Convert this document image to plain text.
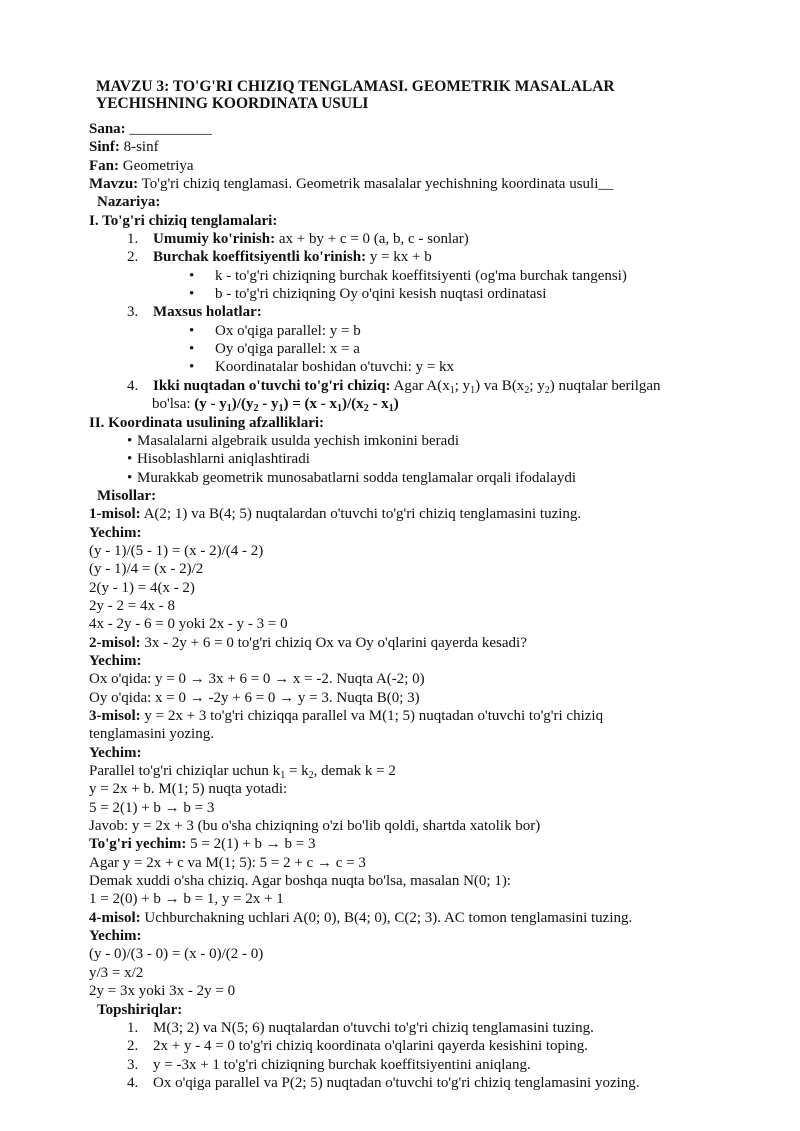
MAVZU 3: TO'G'RI CHIZIQ TENGLAMASI. GEOMETRIK MASALALAR
YECHISHNING KOORDINATA USULI
Sana: ___________
Sinf: 8-sinf
Fan: Geometriya
Mavzu: To'g'ri chiziq tenglamasi. Geometrik masalalar yechishning koordinata usuli__
Nazariya:
I. To'g'ri chiziq tenglamalari:
1. Umumiy ko'rinish: ax + by + c = 0 (a, b, c - sonlar)
2. Burchak koeffitsiyentli ko'rinish: y = kx + b
• k - to'g'ri chiziqning burchak koeffitsiyenti (og'ma burchak tangensi)
• b - to'g'ri chiziqning Oy o'qini kesish nuqtasi ordinatasi
3. Maxsus holatlar:
• Ox o'qiga parallel: y = b
• Oy o'qiga parallel: x = a
• Koordinatalar boshidan o'tuvchi: y = kx
4. Ikki nuqtadan o'tuvchi to'g'ri chiziq: Agar $A(x_1$; $y_1$) va $B(x_2$; $y_2$) nuqtalar berilgan
bo'lsa: $(y - y_1)/(y_2 - y_1) = (x - x_1)/(x_2 - x_1)$
II. Koordinata usulining afzalliklari:
• Masalalarni algebraik usulda yechish imkonini beradi
• Hisoblashlarni aniqlashtiradi
• Murakkab geometrik munosabatlarni sodda tenglamalar orqali ifodalaydi
Misollar:
1-misol: A(2; 1) va B(4; 5) nuqtalardan o'tuvchi to'g'ri chiziq tenglamasini tuzing.
Yechim:
(y - 1)/(5 - 1) = (x - 2)/(4 - 2)
(y - 1)/4 = (x - 2)/2
2(y - 1) = 4(x - 2)
2y - 2 = 4x - 8
4x - 2y - 6 = 0 yoki 2x - y - 3 = 0
2-misol: 3x - 2y + 6 = 0 to'g'ri chiziq Ox va Oy o'qlarini qayerda kesadi?
Yechim:
Ox o'qida: y = 0 → 3x + 6 = 0 → x = -2. Nuqta A(-2; 0)
Oy o'qida: x = 0 → -2y + 6 = 0 → y = 3. Nuqta B(0; 3)
3-misol: y = 2x + 3 to'g'ri chiziqqa parallel va M(1; 5) nuqtadan o'tuvchi to'g'ri chiziq
tenglamasini yozing.
Yechim:
Parallel to'g'ri chiziqlar uchun $k_1 = k_2$, demak k = 2
y = 2x + b. M(1; 5) nuqta yotadi:
5 = 2(1) + b → b = 3
Javob: y = 2x + 3 (bu o'sha chiziqning o'zi bo'lib qoldi, shartda xatolik bor)
To'g'ri yechim: 5 = 2(1) + b → b = 3
Agar y = 2x + c va M(1; 5): 5 = 2 + c → c = 3
Demak xuddi o'sha chiziq. Agar boshqa nuqta bo'lsa, masalan N(0; 1):
1 = 2(0) + b → b = 1, y = 2x + 1
4-misol: Uchburchakning uchlari A(0; 0), B(4; 0), C(2; 3). AC tomon tenglamasini tuzing.
Yechim:
(y - 0)/(3 - 0) = (x - 0)/(2 - 0)
y/3 = x/2
2y = 3x yoki 3x - 2y = 0
Topshiriqlar:
1. M(3; 2) va N(5; 6) nuqtalardan o'tuvchi to'g'ri chiziq tenglamasini tuzing.
2. 2x + y - 4 = 0 to'g'ri chiziq koordinata o'qlarini qayerda kesishini toping.
3. y = -3x + 1 to'g'ri chiziqning burchak koeffitsiyentini aniqlang.
4. Ox o'qiga parallel va P(2; 5) nuqtadan o'tuvchi to'g'ri chiziq tenglamasini yozing.
